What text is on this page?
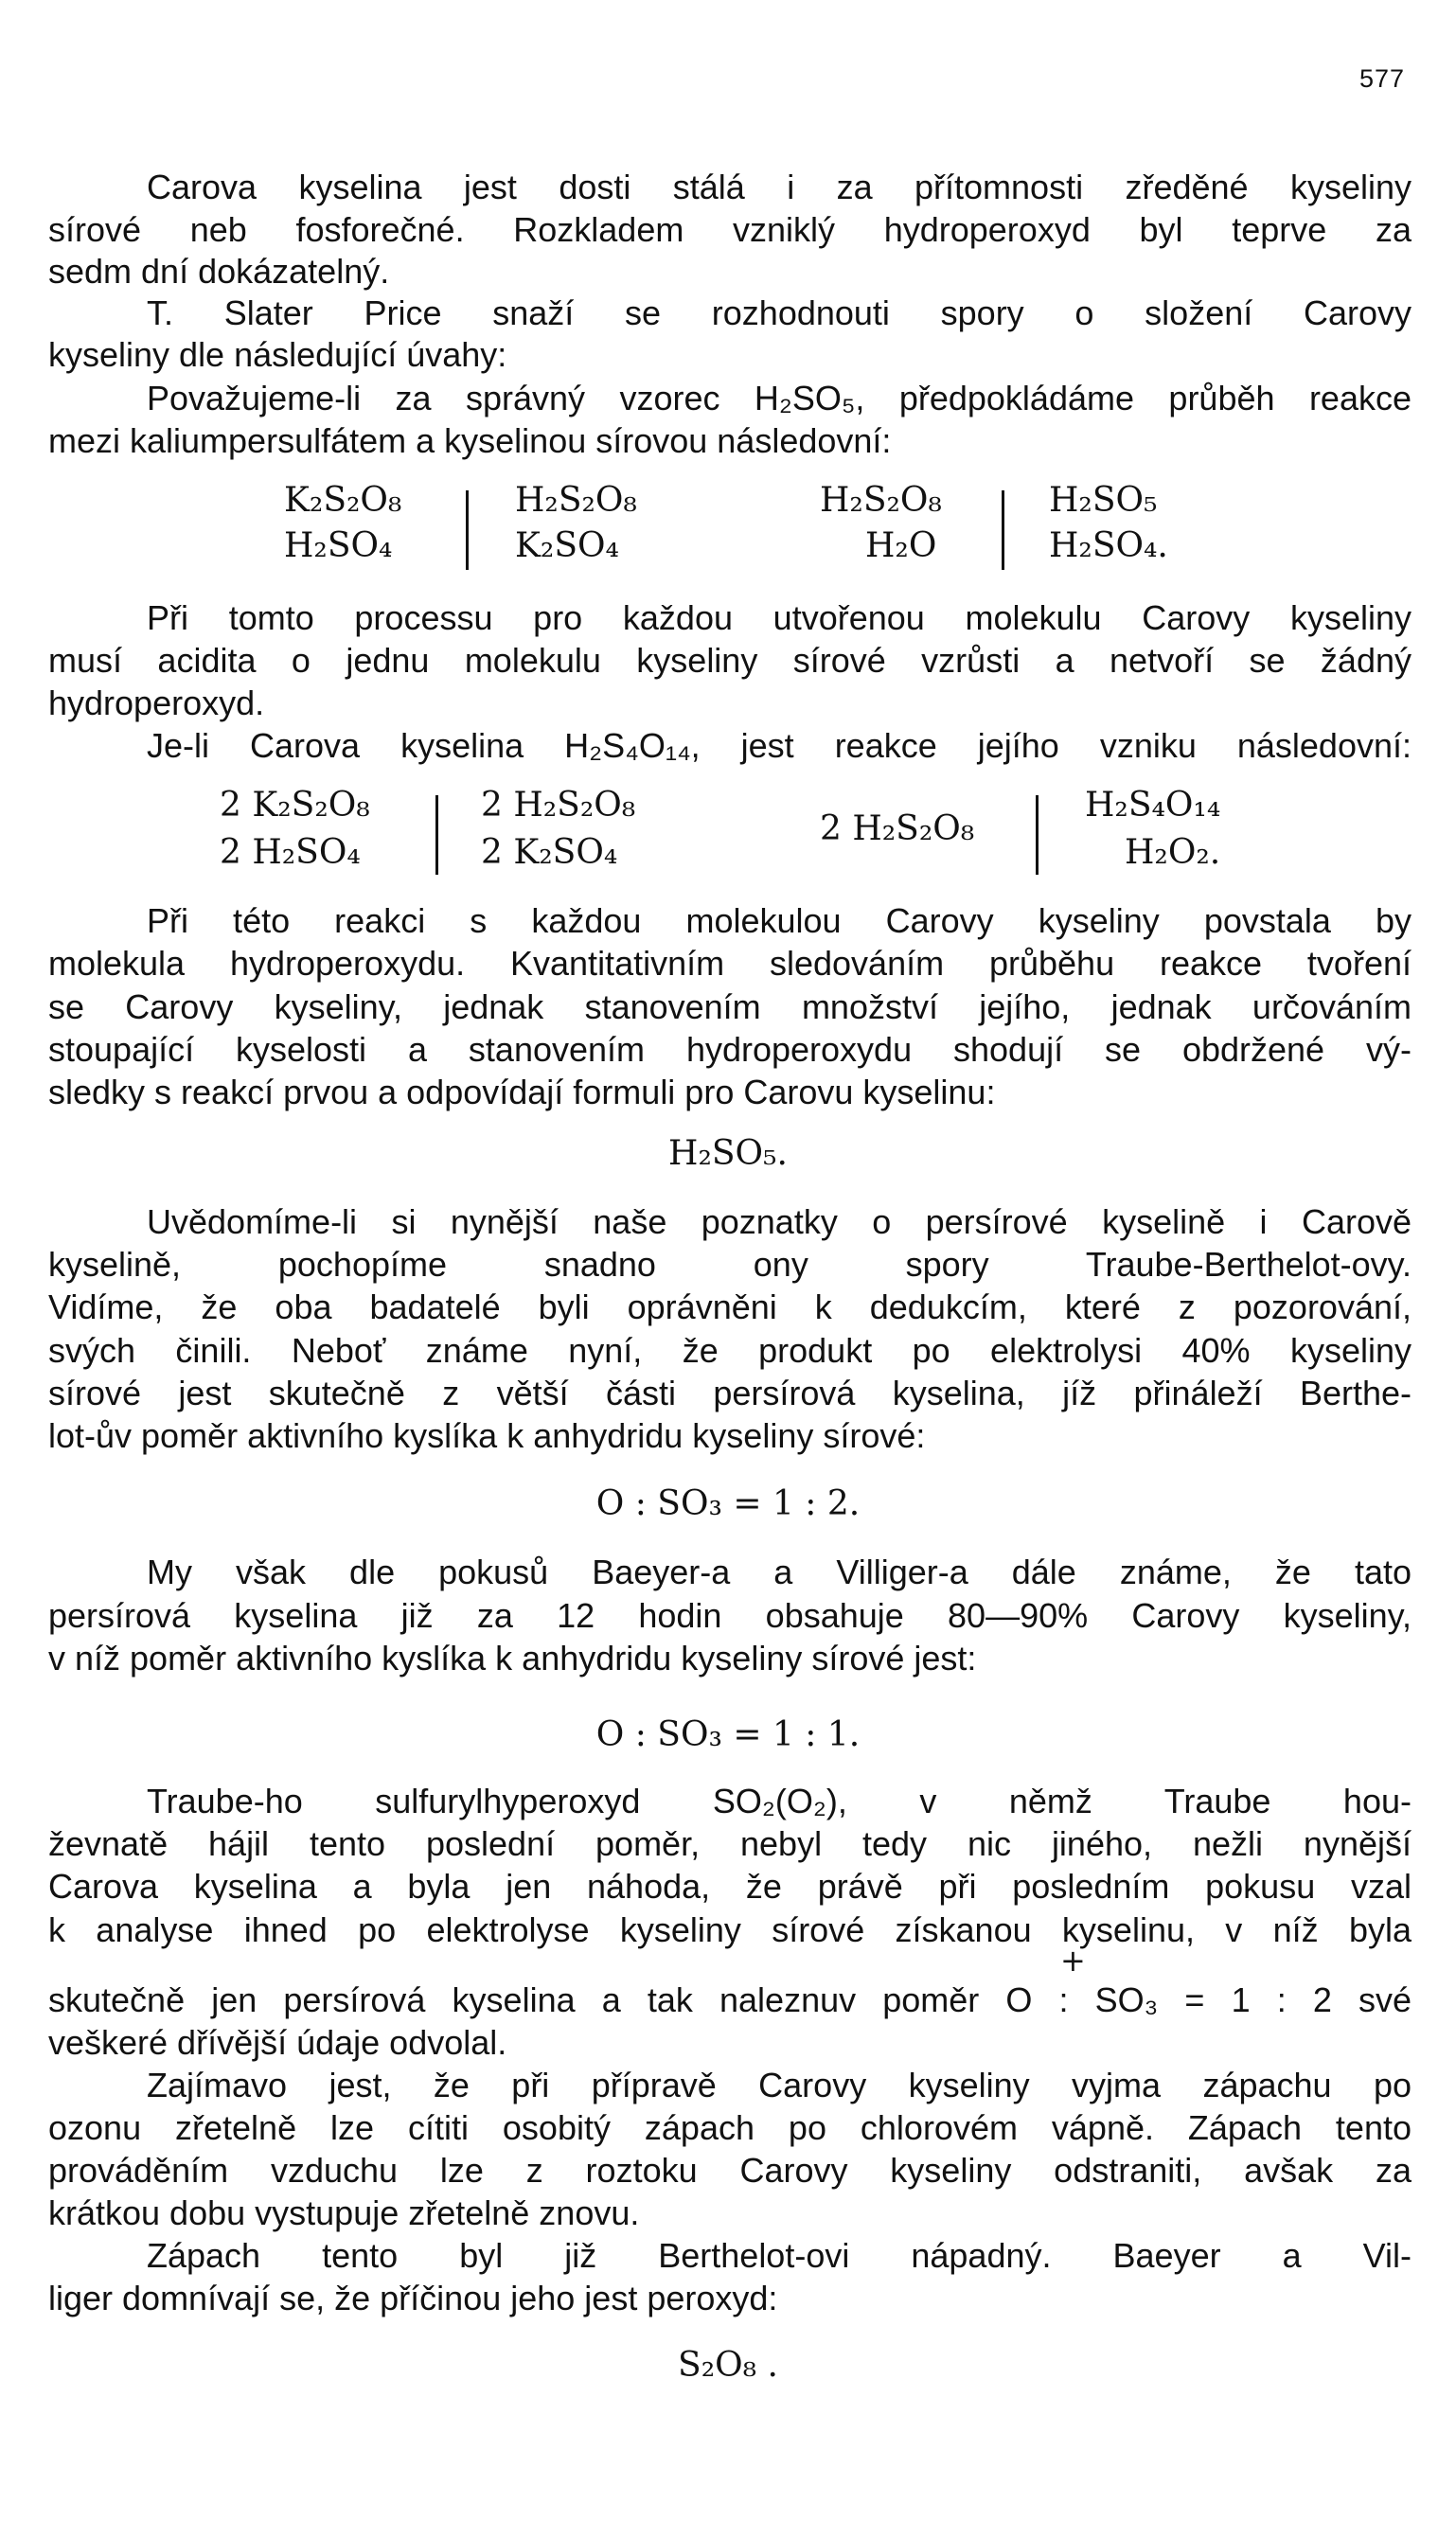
577
Carova kyselina jest dosti stálá i za přítomnosti zředěné kyseliny
sírové neb fosforečné. Rozkladem vzniklý hydroperoxyd byl teprve za
sedm dní dokázatelný.
T. Slater Price snaží se rozhodnouti spory o složení Carovy
kyseliny dle následující úvahy:
Považujeme-li za správný vzorec H₂SO₅, předpokládáme průběh reakce
mezi kaliumpersulfátem a kyselinou sírovou následovní:
K₂S₂O₈
H₂SO₄
H₂S₂O₈
K₂SO₄
H₂S₂O₈
H₂O
H₂SO₅
H₂SO₄.
Při tomto processu pro každou utvořenou molekulu Carovy kyseliny
musí acidita o jednu molekulu kyseliny sírové vzrůsti a netvoří se žádný
hydroperoxyd.
Je-li Carova kyselina H₂S₄O₁₄, jest reakce jejího vzniku následovní:
2 K₂S₂O₈
2 H₂SO₄
2 H₂S₂O₈
2 K₂SO₄
2 H₂S₂O₈
H₂S₄O₁₄
H₂O₂.
Při této reakci s každou molekulou Carovy kyseliny povstala by
molekula hydroperoxydu. Kvantitativním sledováním průběhu reakce tvoření
se Carovy kyseliny, jednak stanovením množství jejího, jednak určováním
stoupající kyselosti a stanovením hydroperoxydu shodují se obdržené vý-
sledky s reakcí prvou a odpovídají formuli pro Carovu kyselinu:
H₂SO₅.
Uvědomíme-li si nynější naše poznatky o persírové kyselině i Carově
kyselině, pochopíme snadno ony spory Traube-Berthelot-ovy.
Vidíme, že oba badatelé byli oprávněni k dedukcím, které z pozorování,
svých činili. Neboť známe nyní, že produkt po elektrolysi 40% kyseliny
sírové jest skutečně z větší části persírová kyselina, jíž přináleží Berthe-
lot-ův poměr aktivního kyslíka k anhydridu kyseliny sírové:
O : SO₃ = 1 : 2.
My však dle pokusů Baeyer-a a Villiger-a dále známe, že tato
persírová kyselina již za 12 hodin obsahuje 80—90% Carovy kyseliny,
v níž poměr aktivního kyslíka k anhydridu kyseliny sírové jest:
O : SO₃ = 1 : 1.
Traube-ho sulfurylhyperoxyd SO₂(O₂), v němž Traube hou-
ževnatě hájil tento poslední poměr, nebyl tedy nic jiného, nežli nynější
Carova kyselina a byla jen náhoda, že právě při posledním pokusu vzal
k analyse ihned po elektrolyse kyseliny sírové získanou kyselinu, v níž byla
+
skutečně jen persírová kyselina a tak naleznuv poměr O : SO₃ = 1 : 2 své
veškeré dřívější údaje odvolal.
Zajímavo jest, že při přípravě Carovy kyseliny vyjma zápachu po
ozonu zřetelně lze cítiti osobitý zápach po chlorovém vápně. Zápach tento
prováděním vzduchu lze z roztoku Carovy kyseliny odstraniti, avšak za
krátkou dobu vystupuje zřetelně znovu.
Zápach tento byl již Berthelot-ovi nápadný. Baeyer a Vil-
liger domnívají se, že příčinou jeho jest peroxyd:
S₂O₈ .
